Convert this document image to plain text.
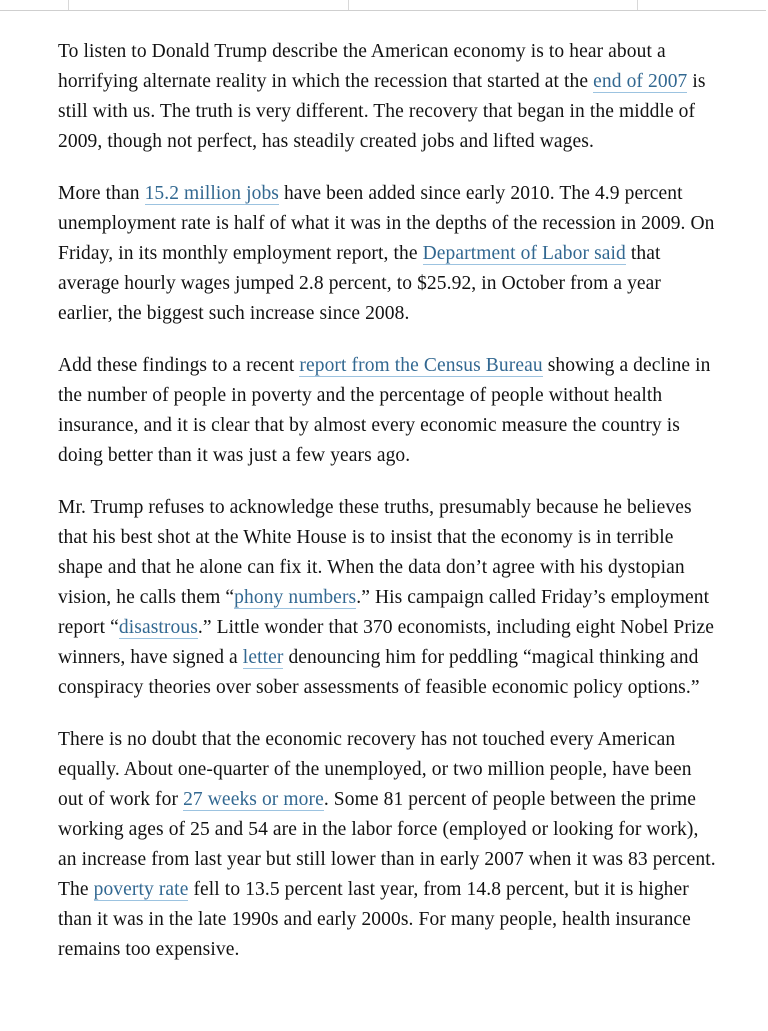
To listen to Donald Trump describe the American economy is to hear about a horrifying alternate reality in which the recession that started at the end of 2007 is still with us. The truth is very different. The recovery that began in the middle of 2009, though not perfect, has steadily created jobs and lifted wages.

More than 15.2 million jobs have been added since early 2010. The 4.9 percent unemployment rate is half of what it was in the depths of the recession in 2009. On Friday, in its monthly employment report, the Department of Labor said that average hourly wages jumped 2.8 percent, to $25.92, in October from a year earlier, the biggest such increase since 2008.

Add these findings to a recent report from the Census Bureau showing a decline in the number of people in poverty and the percentage of people without health insurance, and it is clear that by almost every economic measure the country is doing better than it was just a few years ago.

Mr. Trump refuses to acknowledge these truths, presumably because he believes that his best shot at the White House is to insist that the economy is in terrible shape and that he alone can fix it. When the data don’t agree with his dystopian vision, he calls them “phony numbers.” His campaign called Friday’s employment report “disastrous.” Little wonder that 370 economists, including eight Nobel Prize winners, have signed a letter denouncing him for peddling “magical thinking and conspiracy theories over sober assessments of feasible economic policy options.”

There is no doubt that the economic recovery has not touched every American equally. About one-quarter of the unemployed, or two million people, have been out of work for 27 weeks or more. Some 81 percent of people between the prime working ages of 25 and 54 are in the labor force (employed or looking for work), an increase from last year but still lower than in early 2007 when it was 83 percent. The poverty rate fell to 13.5 percent last year, from 14.8 percent, but it is higher than it was in the late 1990s and early 2000s. For many people, health insurance remains too expensive.
